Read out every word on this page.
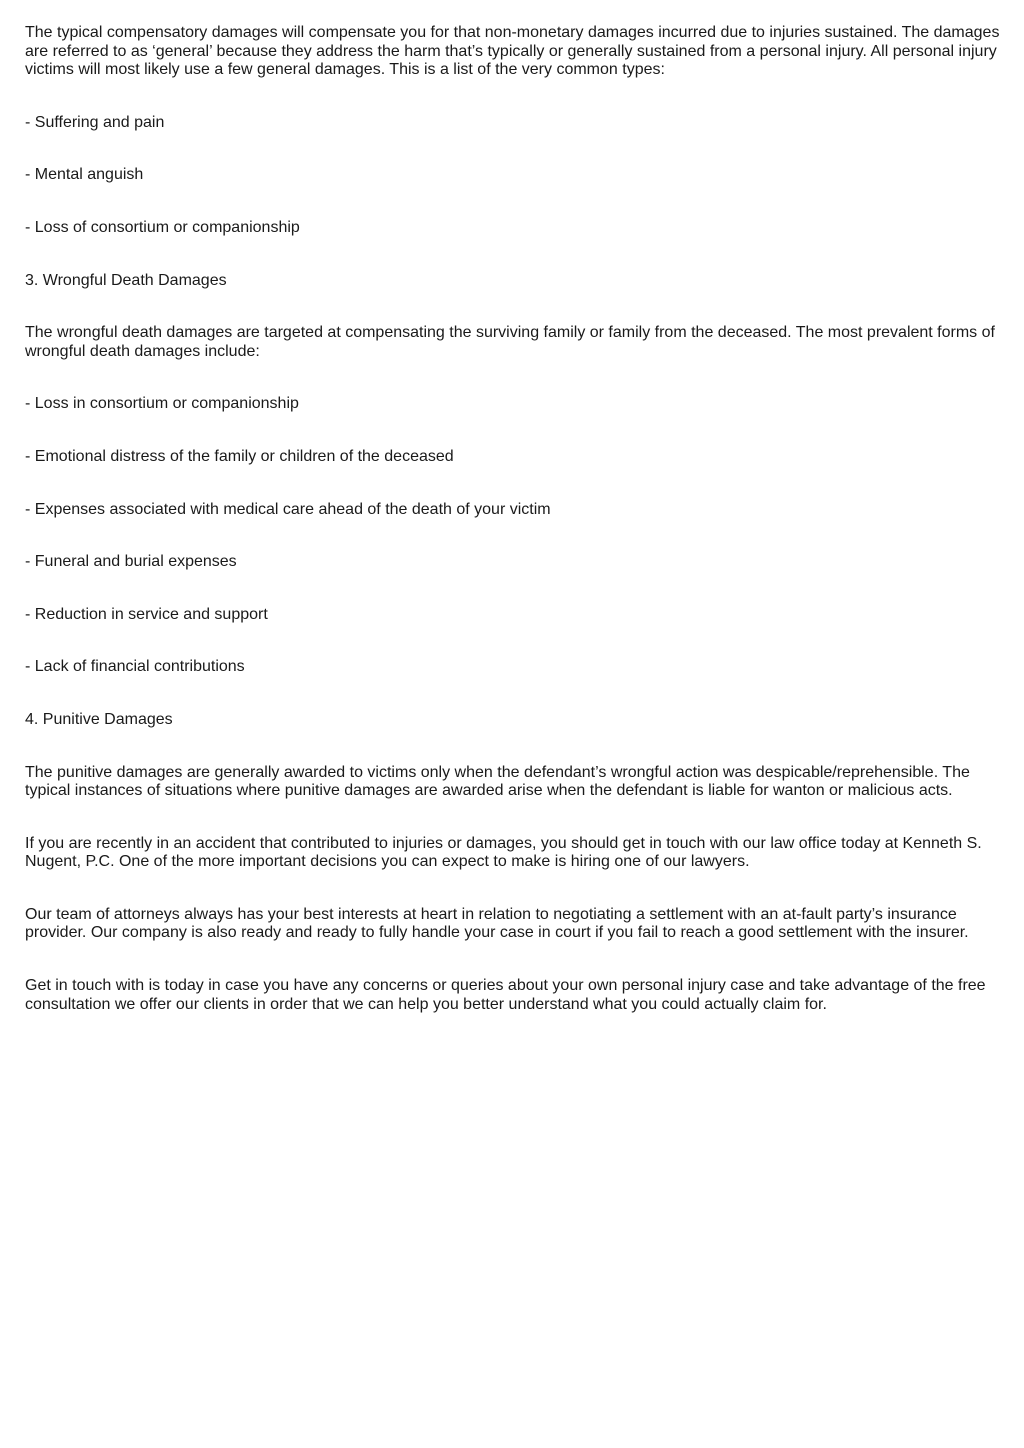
The typical compensatory damages will compensate you for that non-monetary damages incurred due to injuries sustained. The damages are referred to as ‘general’ because they address the harm that’s typically or generally sustained from a personal injury. All personal injury victims will most likely use a few general damages. This is a list of the very common types:

- Suffering and pain

- Mental anguish

- Loss of consortium or companionship

3. Wrongful Death Damages

The wrongful death damages are targeted at compensating the surviving family or family from the deceased. The most prevalent forms of wrongful death damages include:

- Loss in consortium or companionship

- Emotional distress of the family or children of the deceased

- Expenses associated with medical care ahead of the death of your victim

- Funeral and burial expenses

- Reduction in service and support

- Lack of financial contributions

4. Punitive Damages

The punitive damages are generally awarded to victims only when the defendant’s wrongful action was despicable/reprehensible. The typical instances of situations where punitive damages are awarded arise when the defendant is liable for wanton or malicious acts.

If you are recently in an accident that contributed to injuries or damages, you should get in touch with our law office today at Kenneth S. Nugent, P.C. One of the more important decisions you can expect to make is hiring one of our lawyers.

Our team of attorneys always has your best interests at heart in relation to negotiating a settlement with an at-fault party’s insurance provider. Our company is also ready and ready to fully handle your case in court if you fail to reach a good settlement with the insurer.

Get in touch with is today in case you have any concerns or queries about your own personal injury case and take advantage of the free consultation we offer our clients in order that we can help you better understand what you could actually claim for.
